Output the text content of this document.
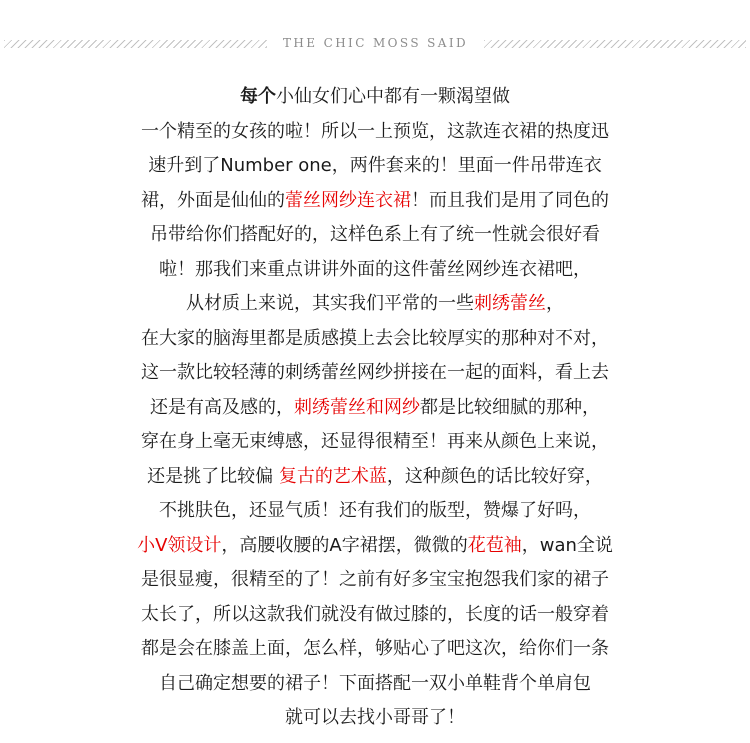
THE CHIC MOSS SAID
每个小仙女们心中都有一颗渴望做
一个精至的女孩的啦！所以一上预览，这款连衣裙的热度迅
速升到了Number one，两件套来的！里面一件吊带连衣
裙，外面是仙仙的蕾丝网纱连衣裙！而且我们是用了同色的
吊带给你们搭配好的，这样色系上有了统一性就会很好看
啦！那我们来重点讲讲外面的这件蕾丝网纱连衣裙吧，
从材质上来说，其实我们平常的一些刺绣蕾丝，
在大家的脑海里都是质感摸上去会比较厚实的那种对不对，
这一款比较轻薄的刺绣蕾丝网纱拼接在一起的面料，看上去
还是有高及感的，刺绣蕾丝和网纱都是比较细腻的那种，
穿在身上毫无束缚感，还显得很精至！再来从颜色上来说，
还是挑了比较偏 复古的艺术蓝，这种颜色的话比较好穿，
不挑肤色，还显气质！还有我们的版型，赞爆了好吗，
小V领设计，高腰收腰的A字裙摆，微微的花苞袖，wan全说
是很显瘦，很精至的了！之前有好多宝宝抱怨我们家的裙子
太长了，所以这款我们就没有做过膝的，长度的话一般穿着
都是会在膝盖上面，怎么样，够贴心了吧这次，给你们一条
自己确定想要的裙子！下面搭配一双小单鞋背个单肩包
就可以去找小哥哥了！
